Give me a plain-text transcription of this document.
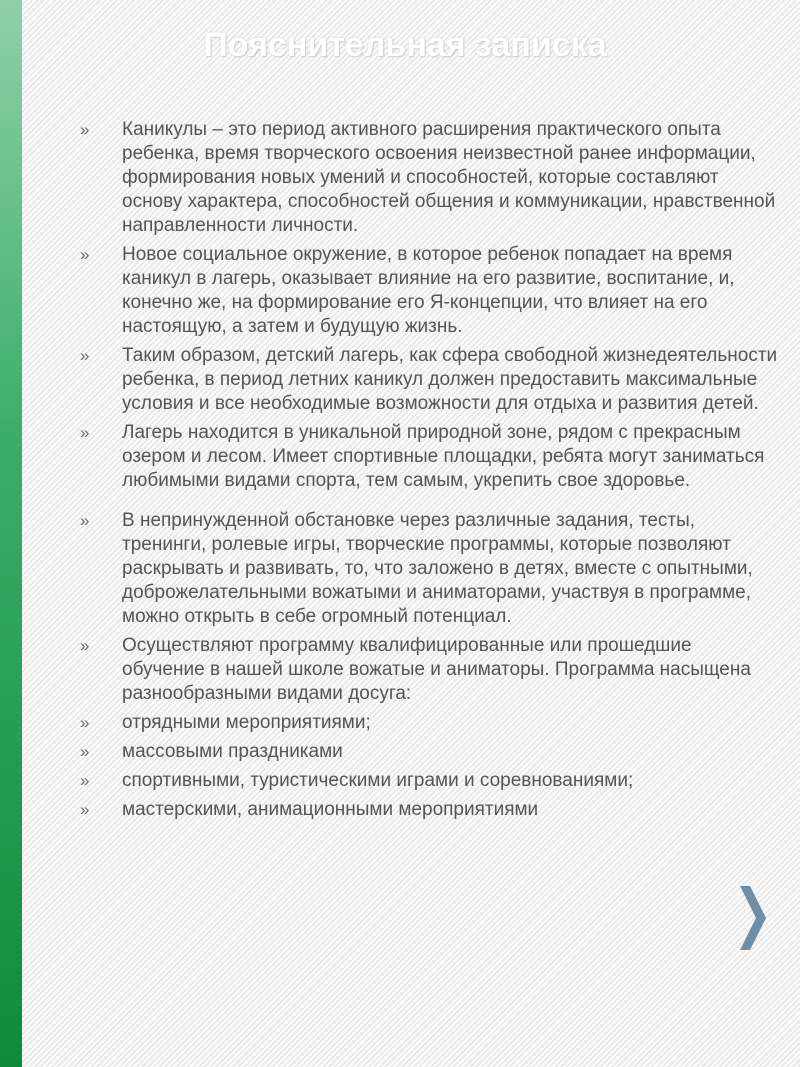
Пояснительная записка
» Каникулы – это период активного расширения практического опыта ребенка, время творческого освоения неизвестной ранее информации, формирования новых умений и способностей, которые составляют основу характера, способностей общения и коммуникации, нравственной направленности личности.
» Новое социальное окружение, в которое ребенок попадает на время каникул в лагерь, оказывает влияние на его развитие, воспитание, и, конечно же, на формирование его Я-концепции, что влияет на его настоящую, а затем и будущую жизнь.
» Таким образом, детский лагерь, как сфера свободной жизнедеятельности ребенка, в период летних каникул должен предоставить максимальные условия и все необходимые возможности для отдыха и развития детей.
» Лагерь находится в уникальной природной зоне, рядом с прекрасным озером и лесом. Имеет спортивные площадки, ребята могут заниматься любимыми видами спорта, тем самым, укрепить свое здоровье.
» В непринужденной обстановке через различные задания, тесты, тренинги, ролевые игры, творческие программы, которые позволяют раскрывать и развивать, то, что заложено в детях, вместе с опытными, доброжелательными вожатыми и аниматорами, участвуя в программе, можно открыть в себе огромный потенциал.
» Осуществляют программу квалифицированные или прошедшие обучение в нашей школе вожатые и аниматоры. Программа насыщена разнообразными видами досуга:
» отрядными мероприятиями;
» массовыми праздниками
» спортивными, туристическими играми и соревнованиями;
» мастерскими, анимационными мероприятиями
